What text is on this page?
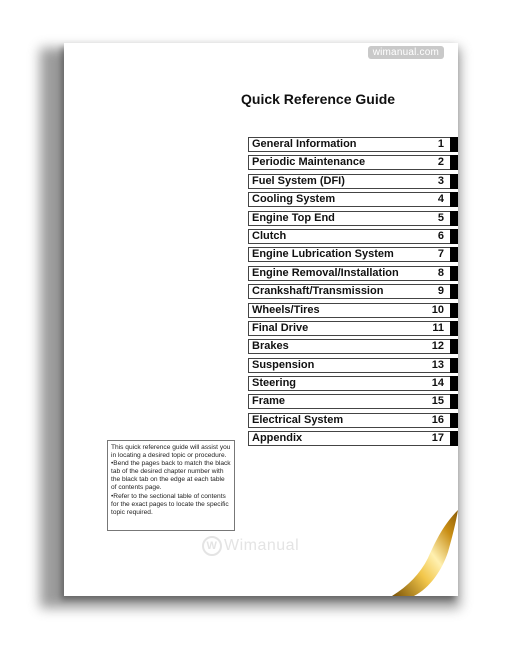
wimanual.com
Quick Reference Guide
General Information	1
Periodic Maintenance	2
Fuel System (DFI)	3
Cooling System	4
Engine Top End	5
Clutch	6
Engine Lubrication System	7
Engine Removal/Installation	8
Crankshaft/Transmission	9
Wheels/Tires	10
Final Drive	11
Brakes	12
Suspension	13
Steering	14
Frame	15
Electrical System	16
Appendix	17

This quick reference guide will assist you in locating a desired topic or procedure.

•Bend the pages back to match the black tab of the desired chapter number with the black tab on the edge at each table of contents page.

•Refer to the sectional table of contents for the exact pages to locate the specific topic required.

W Wimanual
